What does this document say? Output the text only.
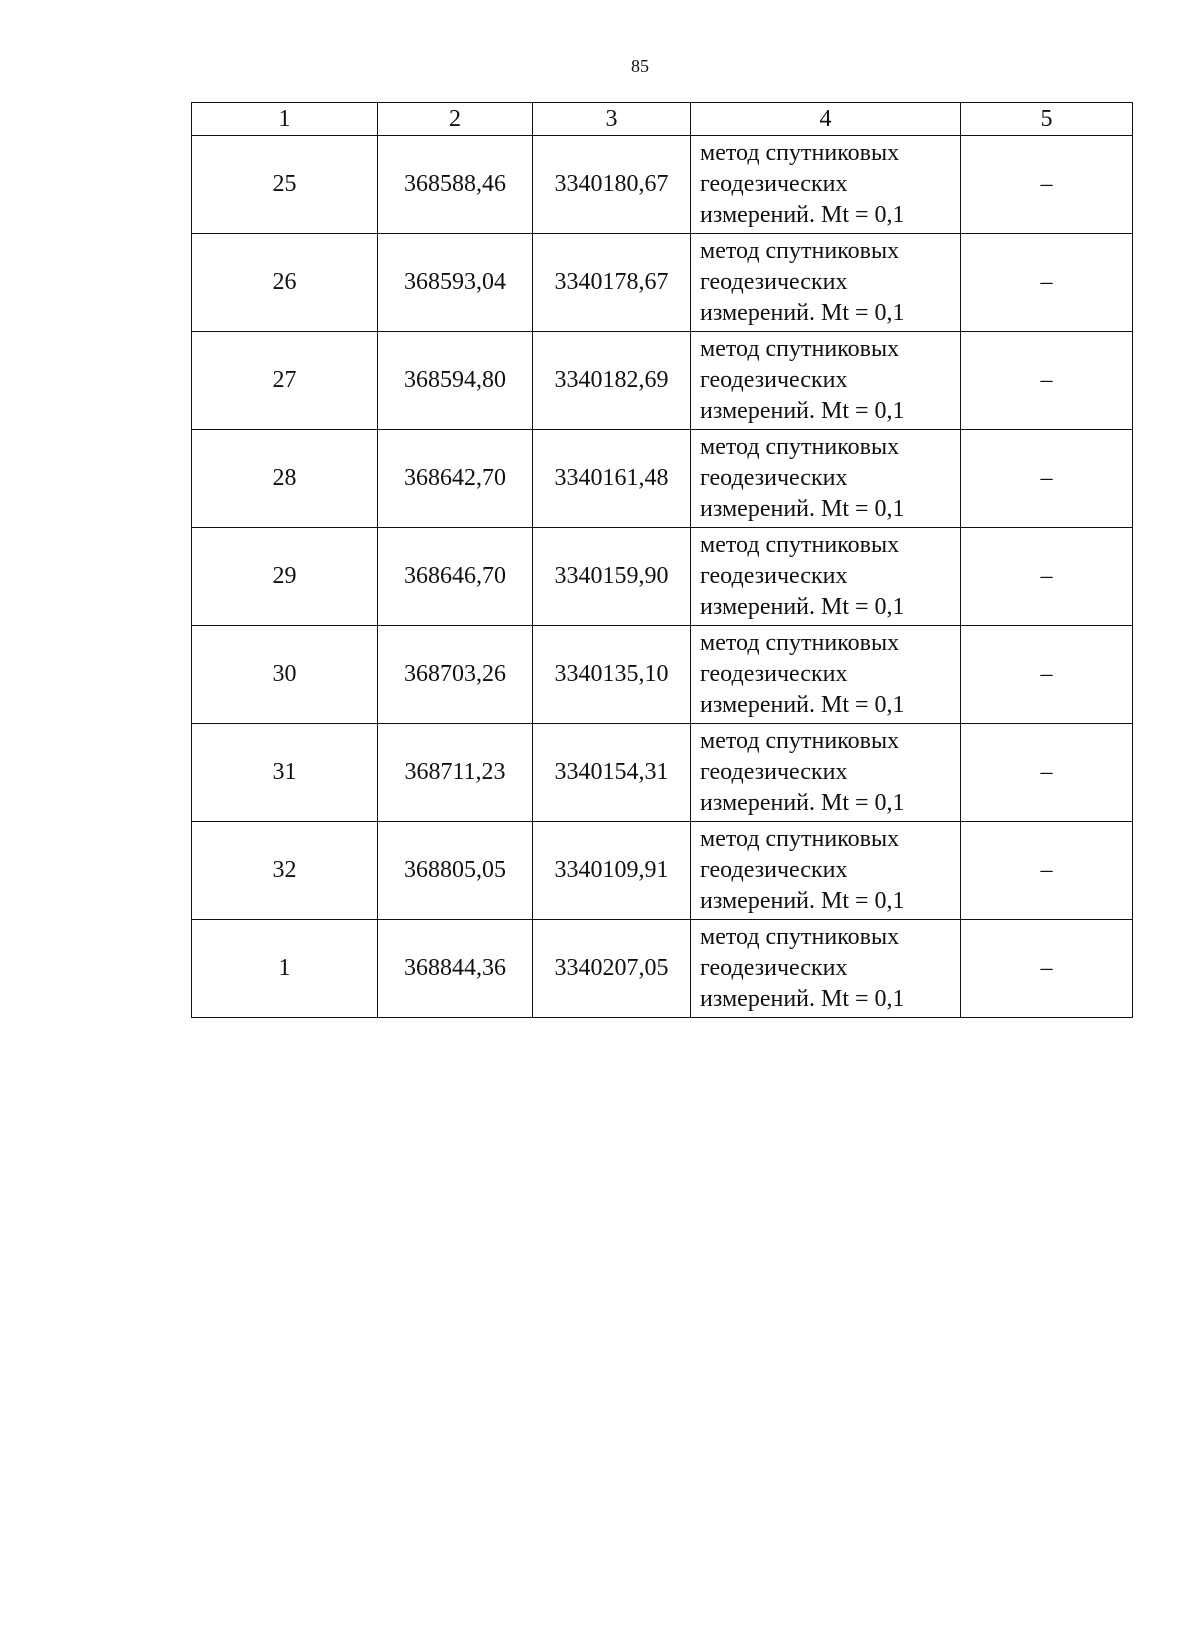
85
1	2	3	4	5
25	368588,46	3340180,67	метод спутниковых
геодезических
измерений. Mt = 0,1	–
26	368593,04	3340178,67	метод спутниковых
геодезических
измерений. Mt = 0,1	–
27	368594,80	3340182,69	метод спутниковых
геодезических
измерений. Mt = 0,1	–
28	368642,70	3340161,48	метод спутниковых
геодезических
измерений. Mt = 0,1	–
29	368646,70	3340159,90	метод спутниковых
геодезических
измерений. Mt = 0,1	–
30	368703,26	3340135,10	метод спутниковых
геодезических
измерений. Mt = 0,1	–
31	368711,23	3340154,31	метод спутниковых
геодезических
измерений. Mt = 0,1	–
32	368805,05	3340109,91	метод спутниковых
геодезических
измерений. Mt = 0,1	–
1	368844,36	3340207,05	метод спутниковых
геодезических
измерений. Mt = 0,1	–
